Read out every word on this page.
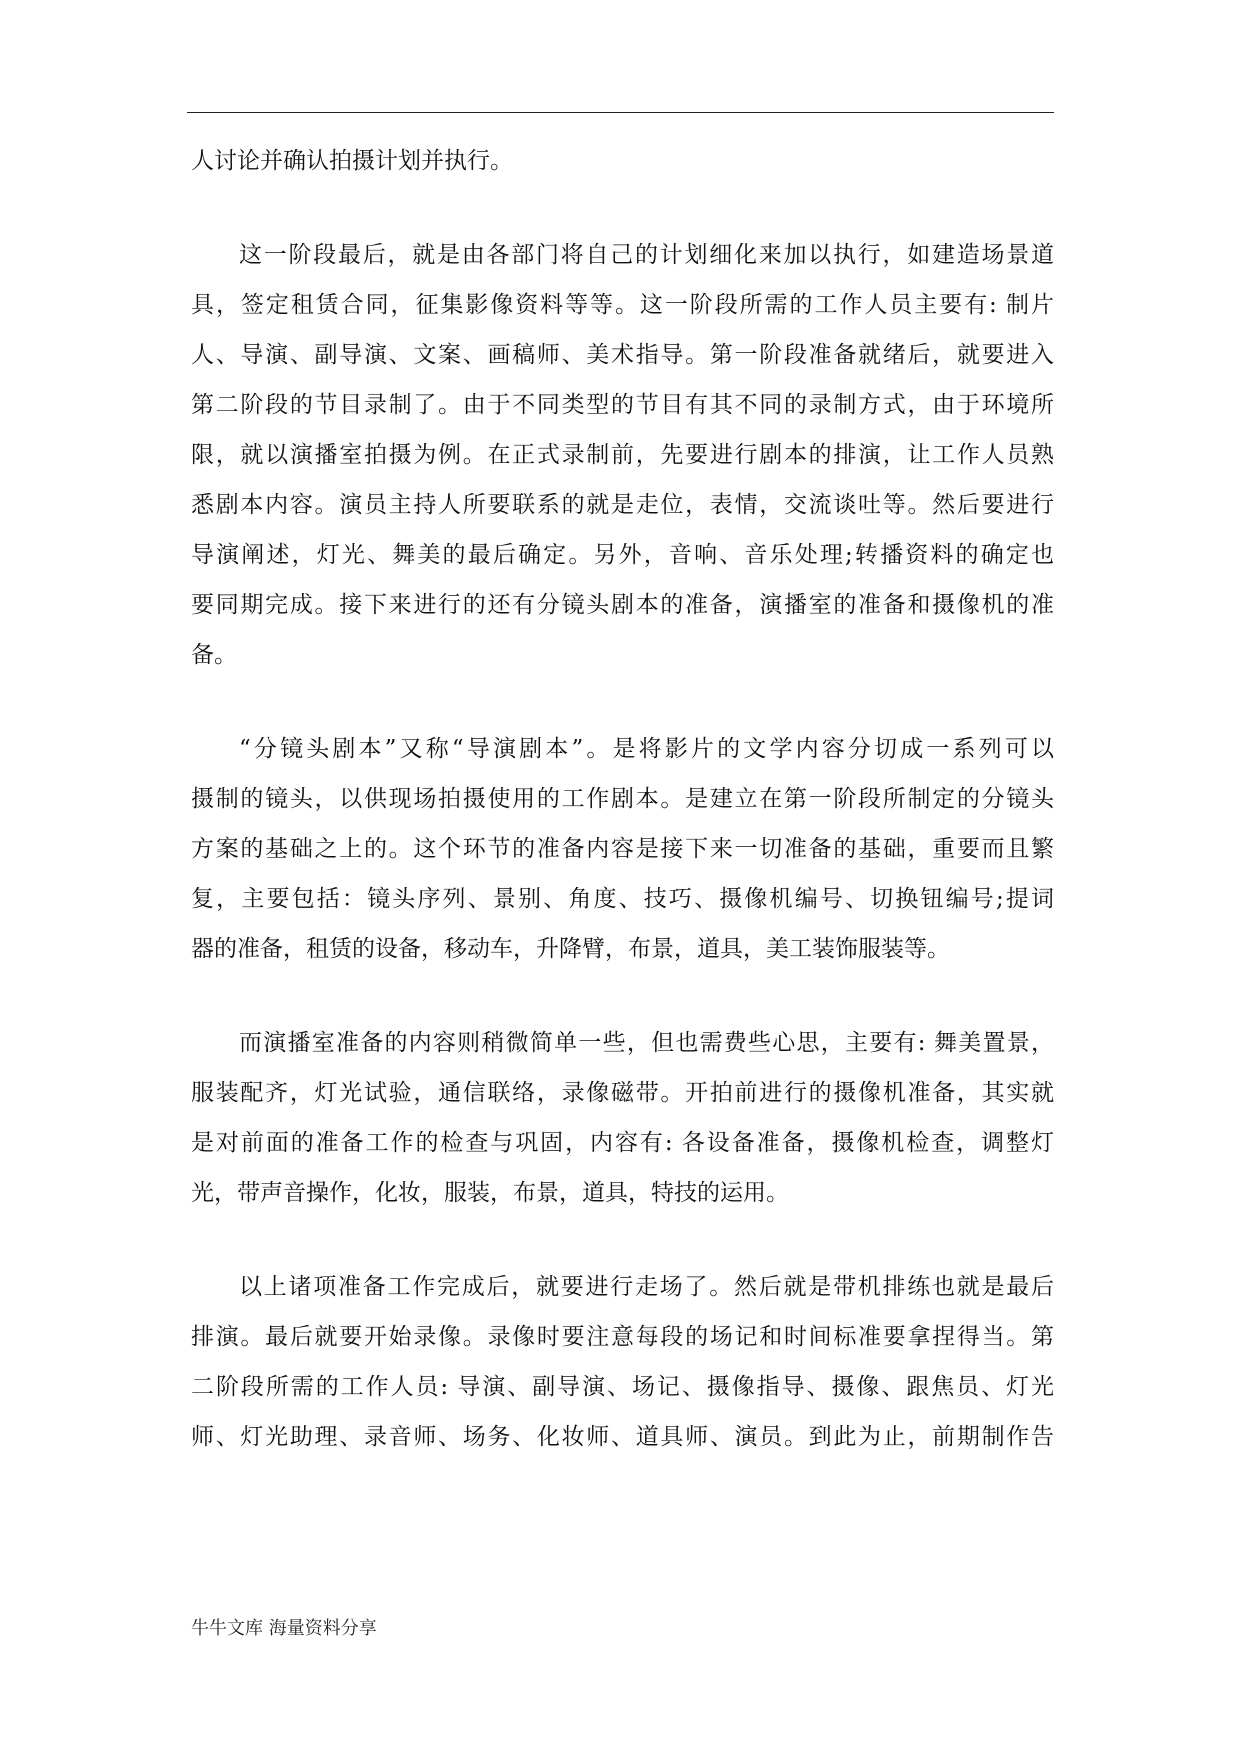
人讨论并确认拍摄计划并执行。
这一阶段最后，就是由各部门将自己的计划细化来加以执行，如建造场景道
具，签定租赁合同，征集影像资料等等。这一阶段所需的工作人员主要有: 制片
人、导演、副导演、文案、画稿师、美术指导。第一阶段准备就绪后，就要进入
第二阶段的节目录制了。由于不同类型的节目有其不同的录制方式，由于环境所
限，就以演播室拍摄为例。在正式录制前，先要进行剧本的排演，让工作人员熟
悉剧本内容。演员主持人所要联系的就是走位，表情，交流谈吐等。然后要进行
导演阐述，灯光、舞美的最后确定。另外，音响、音乐处理;转播资料的确定也
要同期完成。接下来进行的还有分镜头剧本的准备，演播室的准备和摄像机的准
备。
“分镜头剧本”又称“导演剧本”。是将影片的文学内容分切成一系列可以
摄制的镜头，以供现场拍摄使用的工作剧本。是建立在第一阶段所制定的分镜头
方案的基础之上的。这个环节的准备内容是接下来一切准备的基础，重要而且繁
复，主要包括：镜头序列、景别、角度、技巧、摄像机编号、切换钮编号;提词
器的准备，租赁的设备，移动车，升降臂，布景，道具，美工装饰服装等。
而演播室准备的内容则稍微简单一些，但也需费些心思，主要有: 舞美置景，
服装配齐，灯光试验，通信联络，录像磁带。开拍前进行的摄像机准备，其实就
是对前面的准备工作的检查与巩固，内容有: 各设备准备，摄像机检查，调整灯
光，带声音操作，化妆，服装，布景，道具，特技的运用。
以上诸项准备工作完成后，就要进行走场了。然后就是带机排练也就是最后
排演。最后就要开始录像。录像时要注意每段的场记和时间标准要拿捏得当。第
二阶段所需的工作人员: 导演、副导演、场记、摄像指导、摄像、跟焦员、灯光
师、灯光助理、录音师、场务、化妆师、道具师、演员。到此为止，前期制作告
牛牛文库 海量资料分享
